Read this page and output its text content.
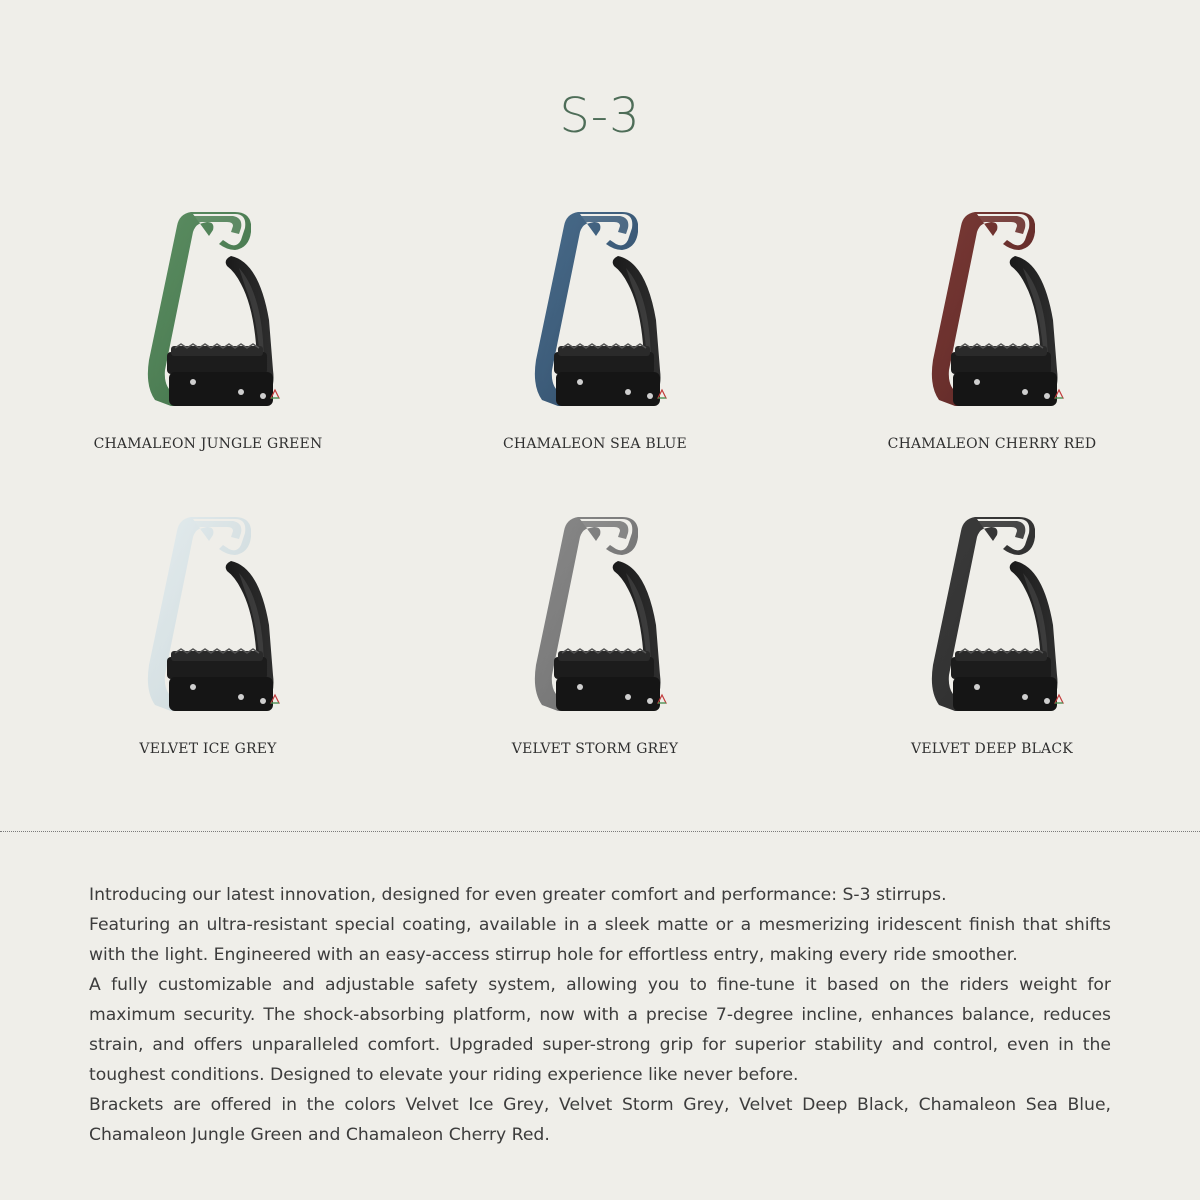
S-3
CHAMALEON JUNGLE GREEN	CHAMALEON SEA BLUE	CHAMALEON CHERRY RED
VELVET ICE GREY	VELVET STORM GREY	VELVET DEEP BLACK

Introducing our latest innovation, designed for even greater comfort and performance: S-3 stirrups.

Featuring an ultra-resistant special coating, available in a sleek matte or a mesmerizing iridescent finish that shifts with the light. Engineered with an easy-access stirrup hole for effortless entry, making every ride smoother.

A fully customizable and adjustable safety system, allowing you to fine-tune it based on the riders weight for maximum security. The shock-absorbing platform, now with a precise 7-degree incline, enhances balance, reduces strain, and offers unparalleled comfort. Upgraded super-strong grip for superior stability and control, even in the toughest conditions. Designed to elevate your riding experience like never before.

Brackets are offered in the colors Velvet Ice Grey, Velvet Storm Grey, Velvet Deep Black, Chamaleon Sea Blue, Chamaleon Jungle Green and Chamaleon Cherry Red.
